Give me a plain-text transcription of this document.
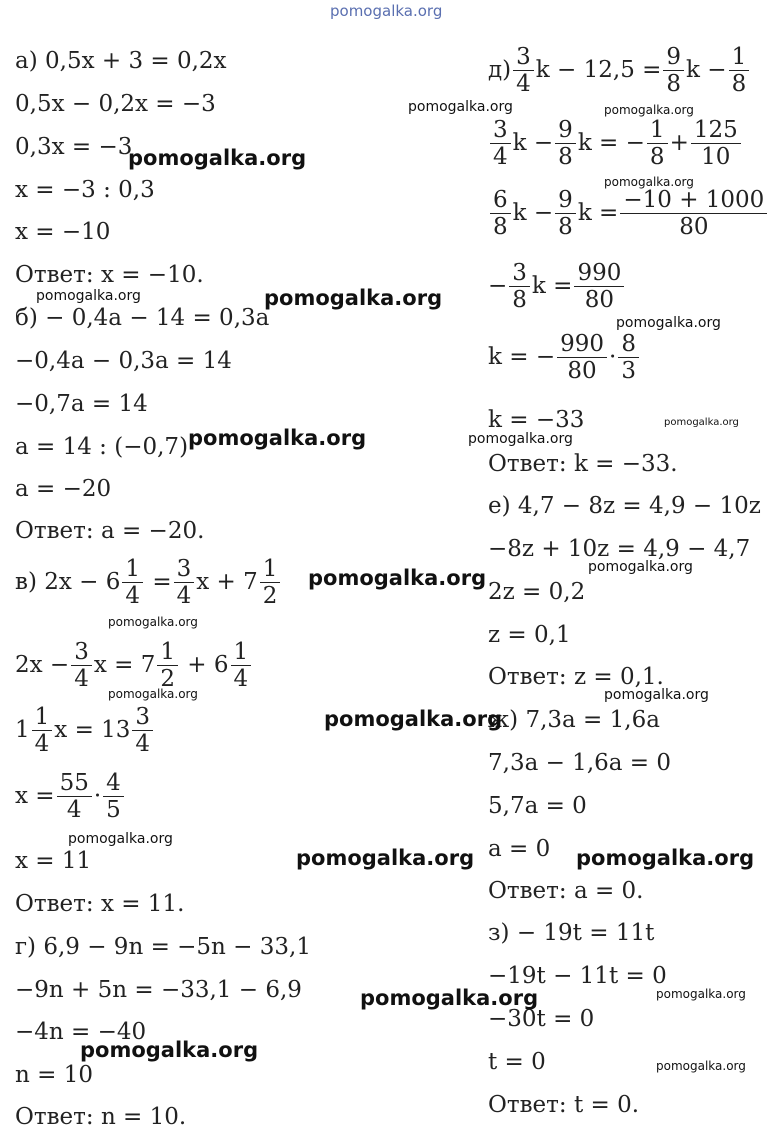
pomogalka.org
а) 0,5x + 3 = 0,2x
0,5x − 0,2x = −3
0,3x = −3
x = −3 : 0,3
x = −10
Ответ: x = −10.
б) − 0,4a − 14 = 0,3a
−0,4a − 0,3a = 14
−0,7a = 14
a = 14 : (−0,7)
a = −20
Ответ: a = −20.
в) $2x - 6 \frac{1}{4} = \frac{3}{4}$ $x + 7 \frac{1}{2}$
$2x - \frac{3}{4}$ $x = 7 \frac{1}{2} + 6 \frac{1}{4}$
$1 \frac{1}{4}$ $x = 13 \frac{3}{4}$
$x = \frac{55}{4} \cdot \frac{4}{5}$
x = 11
Ответ: x = 11.
г) 6,9 − 9n = −5n − 33,1
−9n + 5n = −33,1 − 6,9
−4n = −40
n = 10
Ответ: n = 10.
$д) \frac{3}{4}$ $k - 12,5 = \frac{9}{8}$ $k - \frac{1}{8}$
$\frac{3}{4}$ $k - \frac{9}{8}$ k = − $\frac{1}{8} + \frac{125}{10}$
$\frac{6}{8}$ $k - \frac{9}{8}$ $k = \frac{-10 + 1000}{80}$
− $\frac{3}{8}$ $k = \frac{990}{80}$
k = − $\frac{990}{80} \cdot \frac{8}{3}$
k = −33
Ответ: k = −33.
е) 4,7 − 8z = 4,9 − 10z
−8z + 10z = 4,9 − 4,7
2z = 0,2
z = 0,1
Ответ: z = 0,1.
ж) 7,3a = 1,6a
7,3a − 1,6a = 0
5,7a = 0
a = 0
Ответ: a = 0.
з) − 19t = 11t
−19t − 11t = 0
−30t = 0
t = 0
Ответ: t = 0.
pomogalka.org
pomogalka.org
pomogalka.org
pomogalka.org
pomogalka.org
pomogalka.org	pomogalka.org
pomogalka.org
pomogalka.org
pomogalka.org
pomogalka.org
pomogalka.org
pomogalka.org
pomogalka.org
pomogalka.org
pomogalka.org
pomogalka.org
pomogalka.org
pomogalka.org
pomogalka.org
pomogalka.org
pomogalka.org
pomogalka.org
